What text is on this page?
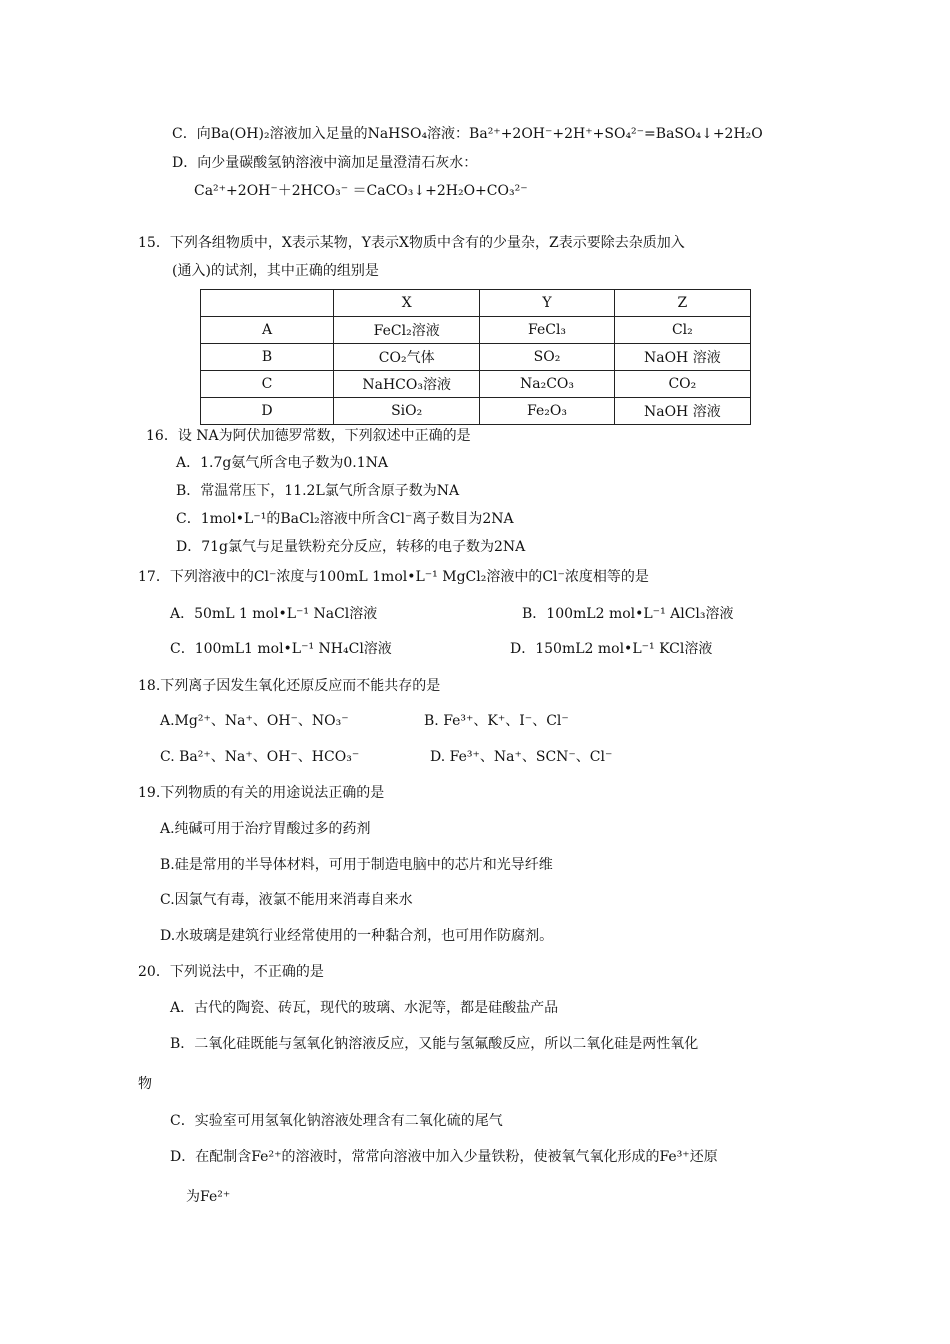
C．向Ba(OH)₂溶液加入足量的NaHSO₄溶液：Ba²⁺+2OH⁻+2H⁺+SO₄²⁻=BaSO₄↓+2H₂O
D．向少量碳酸氢钠溶液中滴加足量澄清石灰水：
Ca²⁺+2OH⁻＋2HCO₃⁻ ＝CaCO₃↓+2H₂O+CO₃²⁻
15．下列各组物质中，X表示某物，Y表示X物质中含有的少量杂，Z表示要除去杂质加入
(通入)的试剂，其中正确的组别是
	X	Y	Z
A	FeCl₂溶液	FeCl₃	Cl₂
B	CO₂气体	SO₂	NaOH 溶液
C	NaHCO₃溶液	Na₂CO₃	CO₂
D	SiO₂	Fe₂O₃	NaOH 溶液
16．设 NA为阿伏加德罗常数，下列叙述中正确的是
A．1.7g氨气所含电子数为0.1NA
B．常温常压下，11.2L氯气所含原子数为NA
C．1mol•L⁻¹的BaCl₂溶液中所含Cl⁻离子数目为2NA
D．71g氯气与足量铁粉充分反应，转移的电子数为2NA
17．下列溶液中的Cl⁻浓度与100mL 1mol•L⁻¹ MgCl₂溶液中的Cl⁻浓度相等的是
A．50mL 1 mol•L⁻¹ NaCl溶液	B．100mL2 mol•L⁻¹ AlCl₃溶液
C．100mL1 mol•L⁻¹ NH₄Cl溶液	D．150mL2 mol•L⁻¹ KCl溶液
18.下列离子因发生氧化还原反应而不能共存的是
A.Mg²⁺、Na⁺、OH⁻、NO₃⁻	B. Fe³⁺、K⁺、I⁻、Cl⁻
C. Ba²⁺、Na⁺、OH⁻、HCO₃⁻	D. Fe³⁺、Na⁺、SCN⁻、Cl⁻
19.下列物质的有关的用途说法正确的是
A.纯碱可用于治疗胃酸过多的药剂
B.硅是常用的半导体材料，可用于制造电脑中的芯片和光导纤维
C.因氯气有毒，液氯不能用来消毒自来水
D.水玻璃是建筑行业经常使用的一种黏合剂，也可用作防腐剂。
20．下列说法中，不正确的是
A．古代的陶瓷、砖瓦，现代的玻璃、水泥等，都是硅酸盐产品
B．二氧化硅既能与氢氧化钠溶液反应，又能与氢氟酸反应，所以二氧化硅是两性氧化
物
C．实验室可用氢氧化钠溶液处理含有二氧化硫的尾气
D．在配制含Fe²⁺的溶液时，常常向溶液中加入少量铁粉，使被氧气氧化形成的Fe³⁺还原
为Fe²⁺
